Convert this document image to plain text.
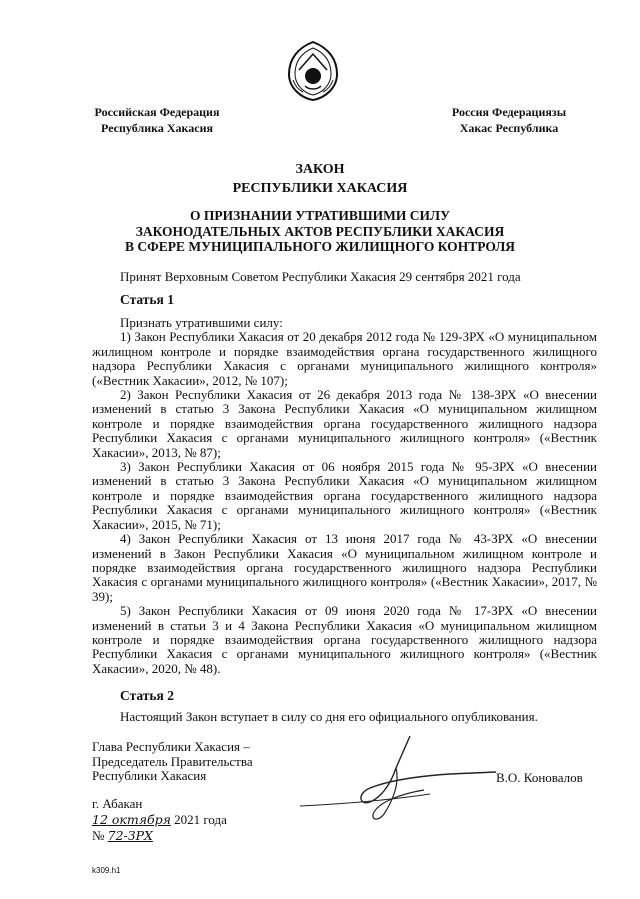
Российская Федерация
Республика Хакасия
Россия Федерациязы
Хакас Республика
ЗАКОН
РЕСПУБЛИКИ ХАКАСИЯ
О ПРИЗНАНИИ УТРАТИВШИМИ СИЛУ
ЗАКОНОДАТЕЛЬНЫХ АКТОВ РЕСПУБЛИКИ ХАКАСИЯ
В СФЕРЕ МУНИЦИПАЛЬНОГО ЖИЛИЩНОГО КОНТРОЛЯ
Принят Верховным Советом Республики Хакасия 29 сентября 2021 года
Статья 1

Признать утратившими силу:

1) Закон Республики Хакасия от 20 декабря 2012 года № 129-ЗРХ «О муниципальном жилищном контроле и порядке взаимодействия органа государственного жилищного надзора Республики Хакасия с органами муниципального жилищного контроля» («Вестник Хакасии», 2012, № 107);

2) Закон Республики Хакасия от 26 декабря 2013 года № 138-ЗРХ «О внесении изменений в статью 3 Закона Республики Хакасия «О муниципальном жилищном контроле и порядке взаимодействия органа государственного жилищного надзора Республики Хакасия с органами муниципального жилищного контроля» («Вестник Хакасии», 2013, № 87);

3) Закон Республики Хакасия от 06 ноября 2015 года № 95-ЗРХ «О внесении изменений в статью 3 Закона Республики Хакасия «О муниципальном жилищном контроле и порядке взаимодействия органа государственного жилищного надзора Республики Хакасия с органами муниципального жилищного контроля» («Вестник Хакасии», 2015, № 71);

4) Закон Республики Хакасия от 13 июня 2017 года № 43-ЗРХ «О внесении изменений в Закон Республики Хакасия «О муниципальном жилищном контроле и порядке взаимодействия органа государственного жилищного надзора Республики Хакасия с органами муниципального жилищного контроля» («Вестник Хакасии», 2017, № 39);

5) Закон Республики Хакасия от 09 июня 2020 года № 17-ЗРХ «О внесении изменений в статьи 3 и 4 Закона Республики Хакасия «О муниципальном жилищном контроле и порядке взаимодействия органа государственного жилищного надзора Республики Хакасия с органами муниципального жилищного контроля» («Вестник Хакасии», 2020, № 48).

Статья 2

Настоящий Закон вступает в силу со дня его официального опубликования.

Глава Республики Хакасия –
Председатель Правительства
Республики Хакасия	В.О. Коновалов
г. Абакан
12 октября 2021 года
№ 72-ЗРХ
k309.h1
